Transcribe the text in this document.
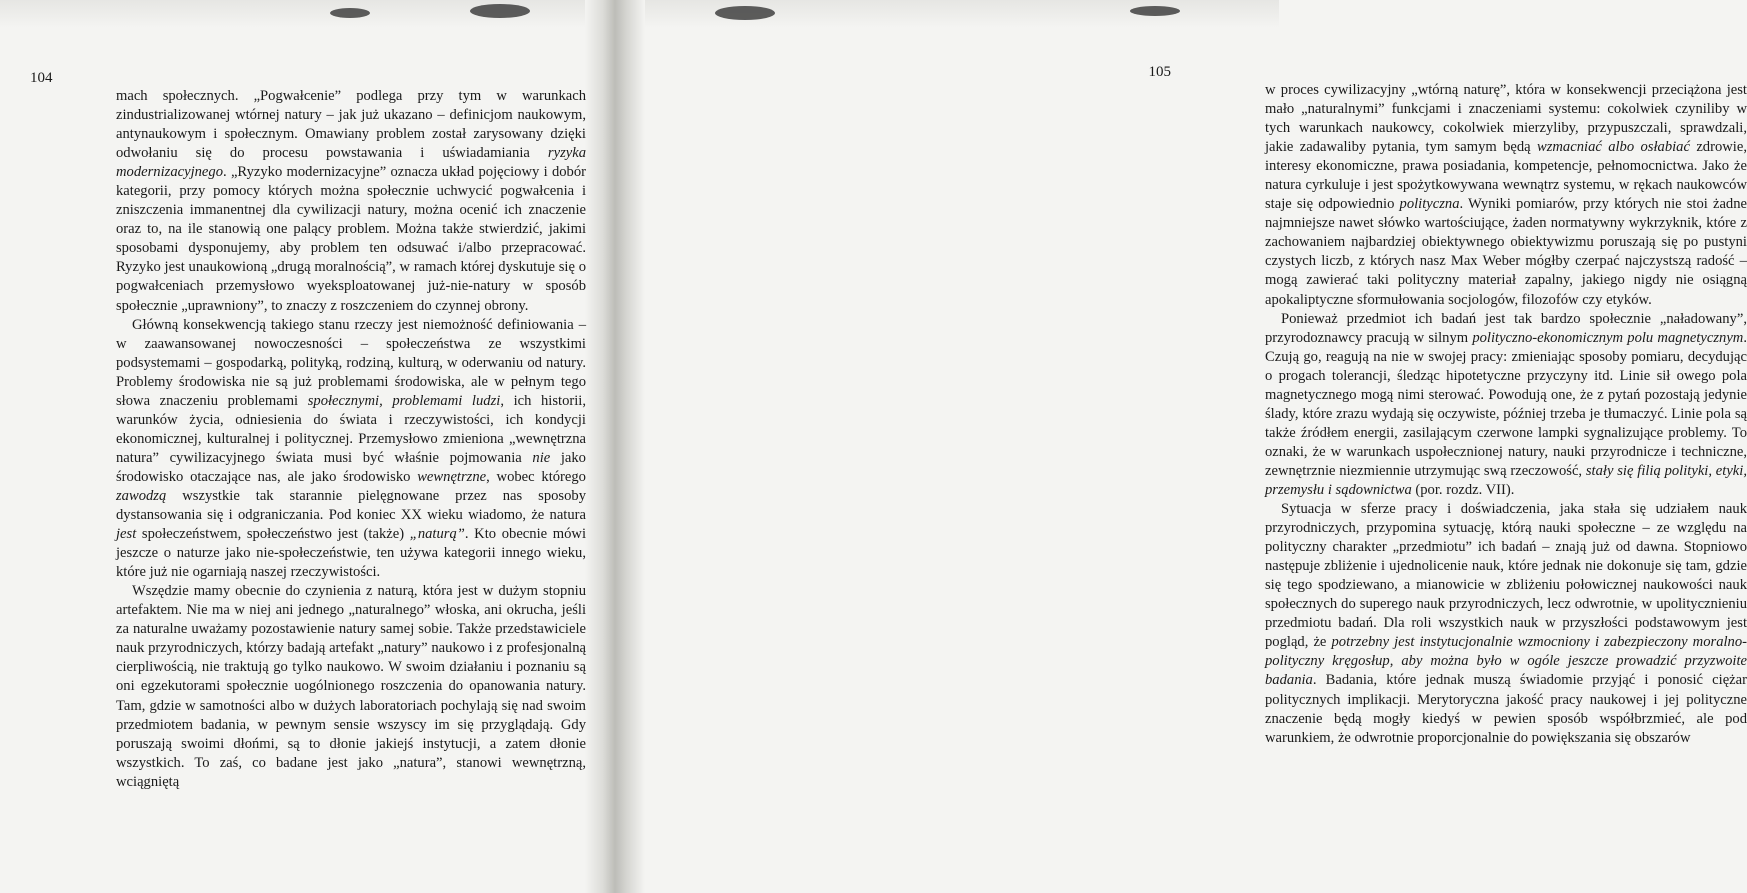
104

mach społecznych. „Pogwałcenie” podlega przy tym w warunkach zindustrializowanej wtórnej natury – jak już ukazano – definicjom naukowym, antynaukowym i społecznym. Omawiany problem został zarysowany dzięki odwołaniu się do procesu powstawania i uświadamiania ryzyka modernizacyjnego. „Ryzyko modernizacyjne” oznacza układ pojęciowy i dobór kategorii, przy pomocy których można społecznie uchwycić pogwałcenia i zniszczenia immanentnej dla cywilizacji natury, można ocenić ich znaczenie oraz to, na ile stanowią one palący problem. Można także stwierdzić, jakimi sposobami dysponujemy, aby problem ten odsuwać i/albo przepracować. Ryzyko jest unaukowioną „drugą moralnością”, w ramach której dyskutuje się o pogwałceniach przemysłowo wyeksploatowanej już-nie-natury w sposób społecznie „uprawniony”, to znaczy z roszczeniem do czynnej obrony.

Główną konsekwencją takiego stanu rzeczy jest niemożność definiowania – w zaawansowanej nowoczesności – społeczeństwa ze wszystkimi podsystemami – gospodarką, polityką, rodziną, kulturą, w oderwaniu od natury. Problemy środowiska nie są już problemami środowiska, ale w pełnym tego słowa znaczeniu problemami społecznymi, problemami ludzi, ich historii, warunków życia, odniesienia do świata i rzeczywistości, ich kondycji ekonomicznej, kulturalnej i politycznej. Przemysłowo zmieniona „wewnętrzna natura” cywilizacyjnego świata musi być właśnie pojmowania nie jako środowisko otaczające nas, ale jako środowisko wewnętrzne, wobec którego zawodzą wszystkie tak starannie pielęgnowane przez nas sposoby dystansowania się i odgraniczania. Pod koniec XX wieku wiadomo, że natura jest społeczeństwem, społeczeństwo jest (także) „naturą”. Kto obecnie mówi jeszcze o naturze jako nie-społeczeństwie, ten używa kategorii innego wieku, które już nie ogarniają naszej rzeczywistości.

Wszędzie mamy obecnie do czynienia z naturą, która jest w dużym stopniu artefaktem. Nie ma w niej ani jednego „naturalnego” włoska, ani okrucha, jeśli za naturalne uważamy pozostawienie natury samej sobie. Także przedstawiciele nauk przyrodniczych, którzy badają artefakt „natury” naukowo i z profesjonalną cierpliwością, nie traktują go tylko naukowo. W swoim działaniu i poznaniu są oni egzekutorami społecznie uogólnionego roszczenia do opanowania natury. Tam, gdzie w samotności albo w dużych laboratoriach pochylają się nad swoim przedmiotem badania, w pewnym sensie wszyscy im się przyglądają. Gdy poruszają swoimi dłońmi, są to dłonie jakiejś instytucji, a zatem dłonie wszystkich. To zaś, co badane jest jako „natura”, stanowi wewnętrzną, wciągniętą

105

w proces cywilizacyjny „wtórną naturę”, która w konsekwencji przeciążona jest mało „naturalnymi” funkcjami i znaczeniami systemu: cokolwiek czyniliby w tych warunkach naukowcy, cokolwiek mierzyliby, przypuszczali, sprawdzali, jakie zadawaliby pytania, tym samym będą wzmacniać albo osłabiać zdrowie, interesy ekonomiczne, prawa posiadania, kompetencje, pełnomocnictwa. Jako że natura cyrkuluje i jest spożytkowywana wewnątrz systemu, w rękach naukowców staje się odpowiednio polityczna. Wyniki pomiarów, przy których nie stoi żadne najmniejsze nawet słówko wartościujące, żaden normatywny wykrzyknik, które z zachowaniem najbardziej obiektywnego obiektywizmu poruszają się po pustyni czystych liczb, z których nasz Max Weber mógłby czerpać najczystszą radość – mogą zawierać taki polityczny materiał zapalny, jakiego nigdy nie osiągną apokaliptyczne sformułowania socjologów, filozofów czy etyków.

Ponieważ przedmiot ich badań jest tak bardzo społecznie „naładowany”, przyrodoznawcy pracują w silnym polityczno-ekonomicznym polu magnetycznym. Czują go, reagują na nie w swojej pracy: zmieniając sposoby pomiaru, decydując o progach tolerancji, śledząc hipotetyczne przyczyny itd. Linie sił owego pola magnetycznego mogą nimi sterować. Powodują one, że z pytań pozostają jedynie ślady, które zrazu wydają się oczywiste, później trzeba je tłumaczyć. Linie pola są także źródłem energii, zasilającym czerwone lampki sygnalizujące problemy. To oznaki, że w warunkach uspołecznionej natury, nauki przyrodnicze i techniczne, zewnętrznie niezmiennie utrzymując swą rzeczowość, stały się filią polityki, etyki, przemysłu i sądownictwa (por. rozdz. VII).

Sytuacja w sferze pracy i doświadczenia, jaka stała się udziałem nauk przyrodniczych, przypomina sytuację, którą nauki społeczne – ze względu na polityczny charakter „przedmiotu” ich badań – znają już od dawna. Stopniowo następuje zbliżenie i ujednolicenie nauk, które jednak nie dokonuje się tam, gdzie się tego spodziewano, a mianowicie w zbliżeniu połowicznej naukowości nauk społecznych do superego nauk przyrodniczych, lecz odwrotnie, w upolitycznieniu przedmiotu badań. Dla roli wszystkich nauk w przyszłości podstawowym jest pogląd, że potrzebny jest instytucjonalnie wzmocniony i zabezpieczony moralno-polityczny kręgosłup, aby można było w ogóle jeszcze prowadzić przyzwoite badania. Badania, które jednak muszą świadomie przyjąć i ponosić ciężar politycznych implikacji. Merytoryczna jakość pracy naukowej i jej polityczne znaczenie będą mogły kiedyś w pewien sposób współbrzmieć, ale pod warunkiem, że odwrotnie proporcjonalnie do powiększania się obszarów
